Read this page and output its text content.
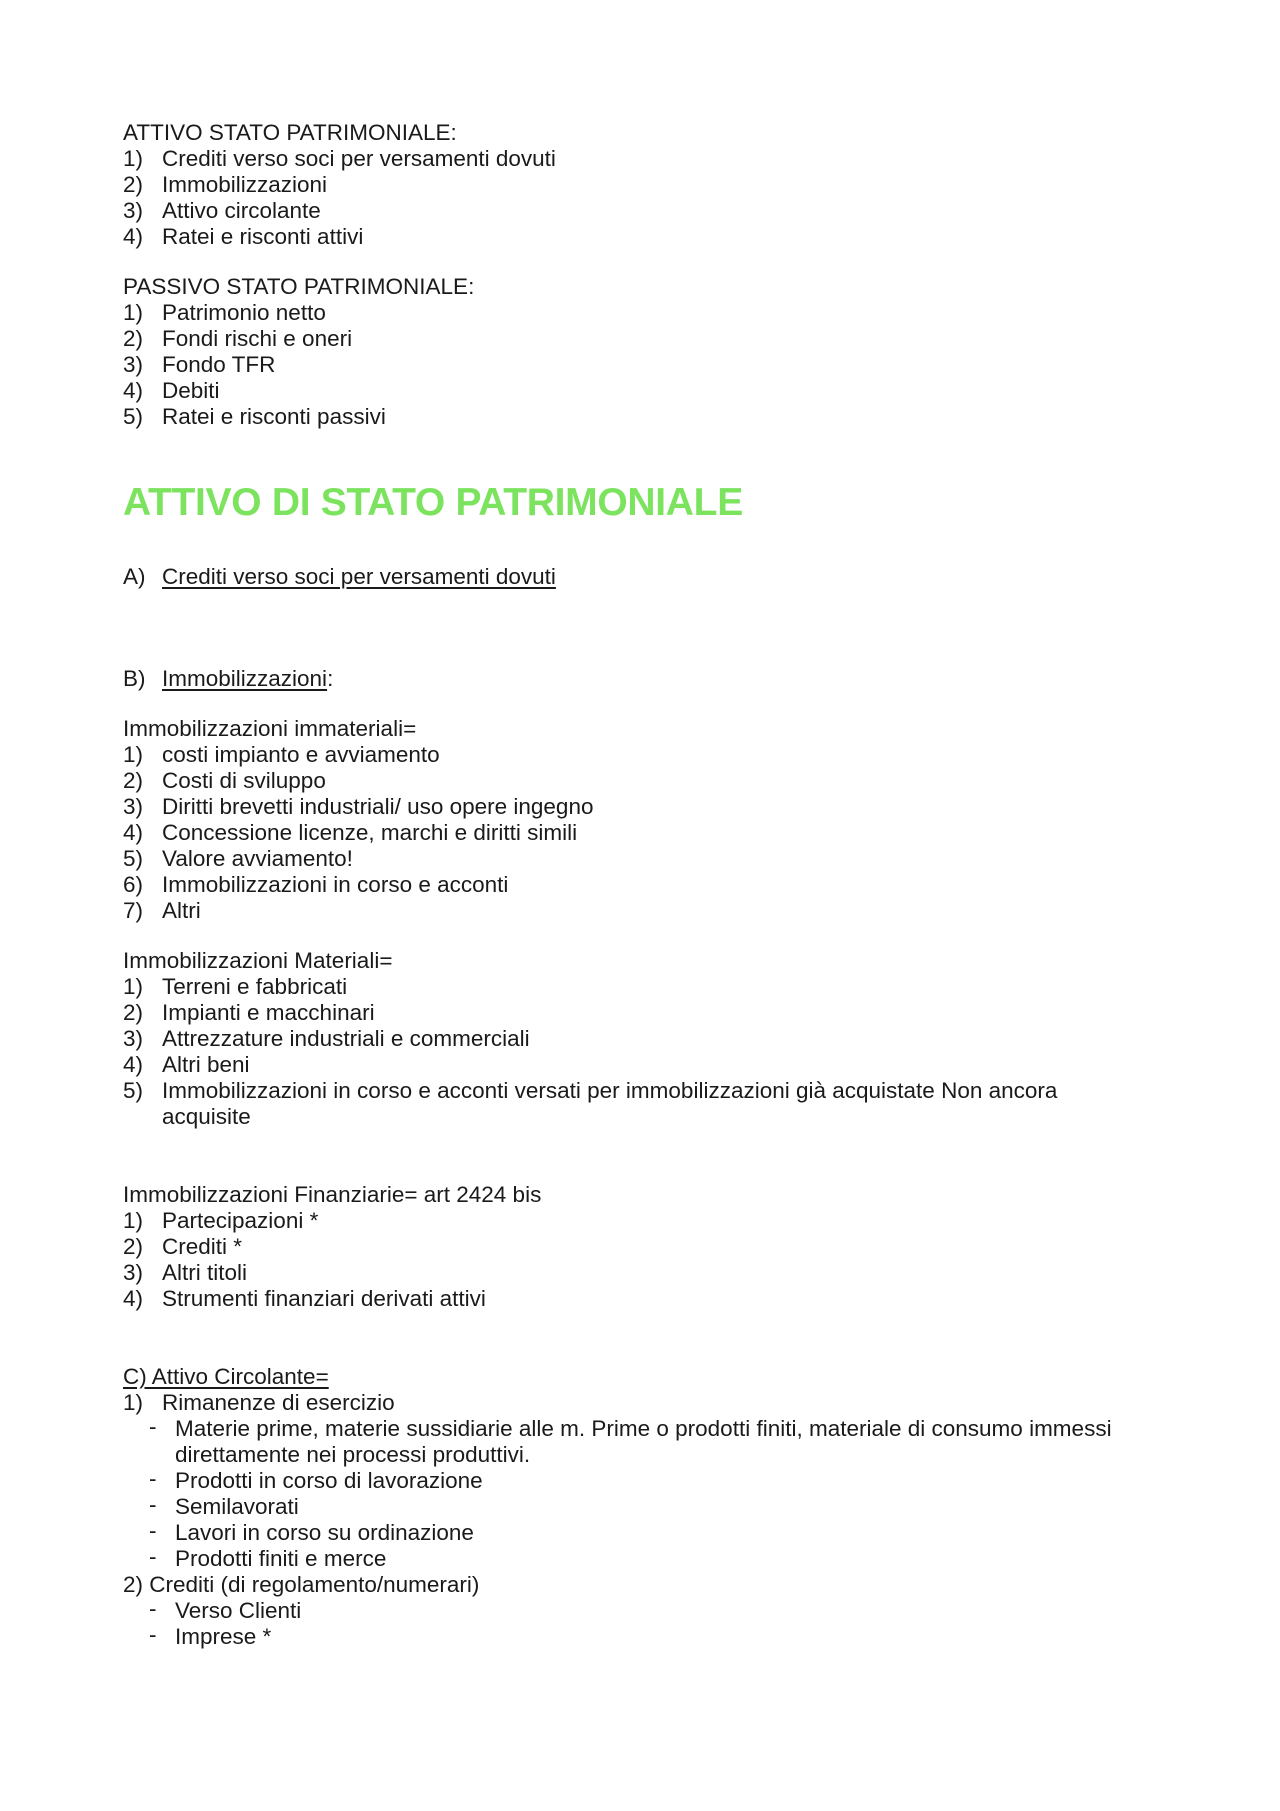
ATTIVO STATO PATRIMONIALE:
1) Crediti verso soci per versamenti dovuti
2) Immobilizzazioni
3) Attivo circolante
4) Ratei e risconti attivi
PASSIVO STATO PATRIMONIALE:
1) Patrimonio netto
2) Fondi rischi e oneri
3) Fondo TFR
4) Debiti
5) Ratei e risconti passivi
ATTIVO DI STATO PATRIMONIALE
A) Crediti verso soci per versamenti dovuti
B) Immobilizzazioni:
Immobilizzazioni immateriali=
1) costi impianto e avviamento
2) Costi di sviluppo
3) Diritti brevetti industriali/ uso opere ingegno
4) Concessione licenze, marchi e diritti simili
5) Valore avviamento!
6) Immobilizzazioni in corso e acconti
7) Altri
Immobilizzazioni Materiali=
1) Terreni e fabbricati
2) Impianti e macchinari
3) Attrezzature industriali e commerciali
4) Altri beni
5) Immobilizzazioni in corso e acconti versati per immobilizzazioni già acquistate Non ancora acquisite
Immobilizzazioni Finanziarie= art 2424 bis
1) Partecipazioni *
2) Crediti *
3) Altri titoli
4) Strumenti finanziari derivati attivi
C) Attivo Circolante=
1) Rimanenze di esercizio
- Materie prime, materie sussidiarie alle m. Prime o prodotti finiti, materiale di consumo immessi direttamente nei processi produttivi.
- Prodotti in corso di lavorazione
- Semilavorati
- Lavori in corso su ordinazione
- Prodotti finiti e merce
2) Crediti (di regolamento/numerari)
- Verso Clienti
- Imprese *
